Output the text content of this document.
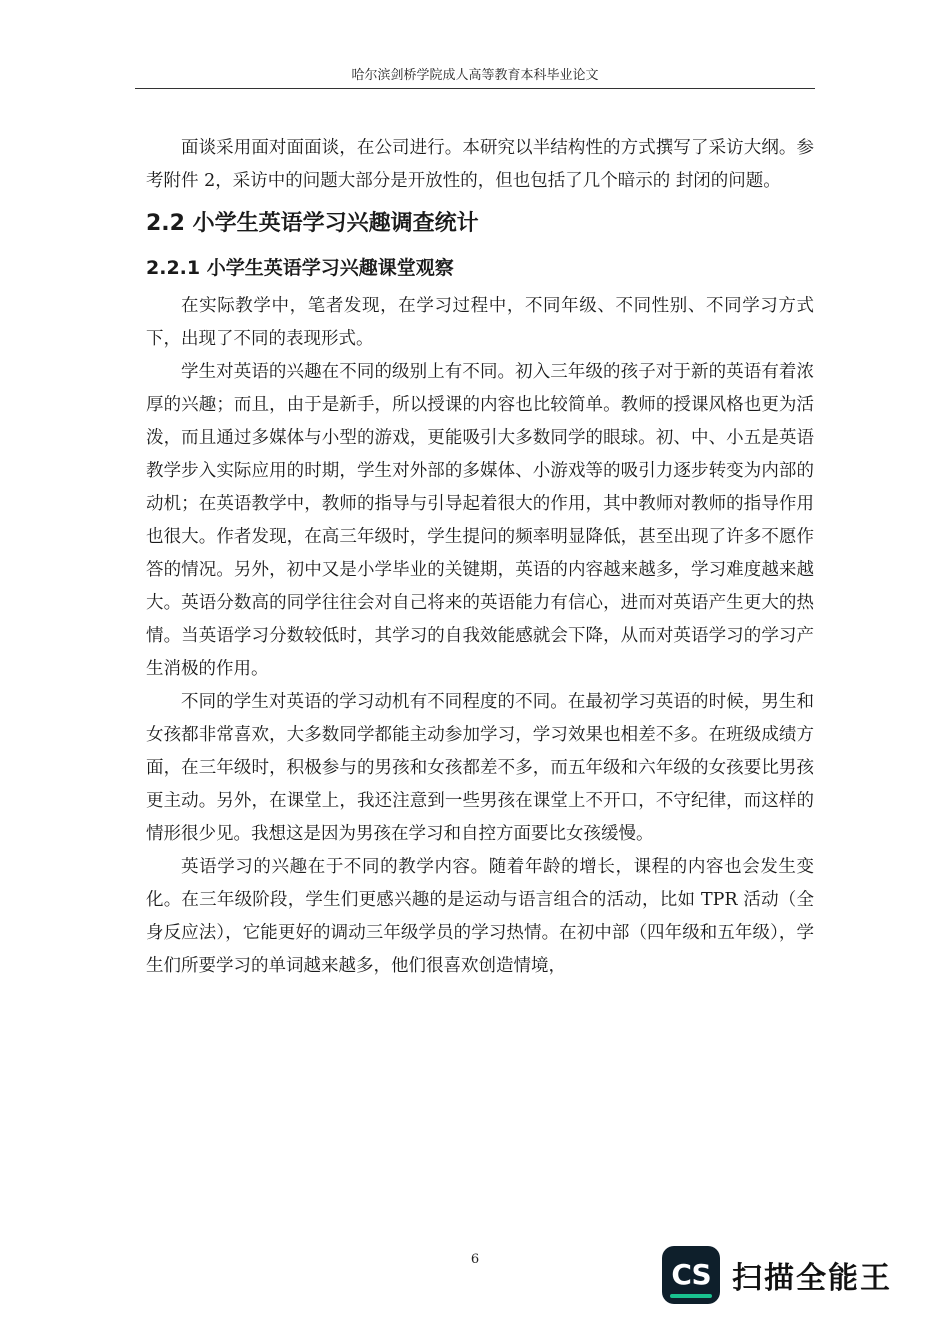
哈尔滨剑桥学院成人高等教育本科毕业论文

面谈采用面对面面谈，在公司进行。本研究以半结构性的方式撰写了采访大纲。参考附件 2，采访中的问题大部分是开放性的，但也包括了几个暗示的 封闭的问题。

2.2 小学生英语学习兴趣调查统计
2.2.1 小学生英语学习兴趣课堂观察

在实际教学中，笔者发现，在学习过程中，不同年级、不同性别、不同学习方式下，出现了不同的表现形式。

学生对英语的兴趣在不同的级别上有不同。初入三年级的孩子对于新的英语有着浓厚的兴趣；而且，由于是新手，所以授课的内容也比较简单。教师的授课风格也更为活泼，而且通过多媒体与小型的游戏，更能吸引大多数同学的眼球。初、中、小五是英语教学步入实际应用的时期，学生对外部的多媒体、小游戏等的吸引力逐步转变为内部的动机；在英语教学中，教师的指导与引导起着很大的作用，其中教师对教师的指导作用也很大。作者发现，在高三年级时，学生提问的频率明显降低，甚至出现了许多不愿作答的情况。另外，初中又是小学毕业的关键期，英语的内容越来越多，学习难度越来越大。英语分数高的同学往往会对自己将来的英语能力有信心，进而对英语产生更大的热情。当英语学习分数较低时，其学习的自我效能感就会下降，从而对英语学习的学习产生消极的作用。

不同的学生对英语的学习动机有不同程度的不同。在最初学习英语的时候，男生和女孩都非常喜欢，大多数同学都能主动参加学习，学习效果也相差不多。在班级成绩方面，在三年级时，积极参与的男孩和女孩都差不多，而五年级和六年级的女孩要比男孩更主动。另外，在课堂上，我还注意到一些男孩在课堂上不开口，不守纪律，而这样的情形很少见。我想这是因为男孩在学习和自控方面要比女孩缓慢。

英语学习的兴趣在于不同的教学内容。随着年龄的增长，课程的内容也会发生变化。在三年级阶段，学生们更感兴趣的是运动与语言组合的活动，比如 TPR 活动（全身反应法），它能更好的调动三年级学员的学习热情。在初中部（四年级和五年级），学生们所要学习的单词越来越多，他们很喜欢创造情境，

6	CS 扫描全能王
